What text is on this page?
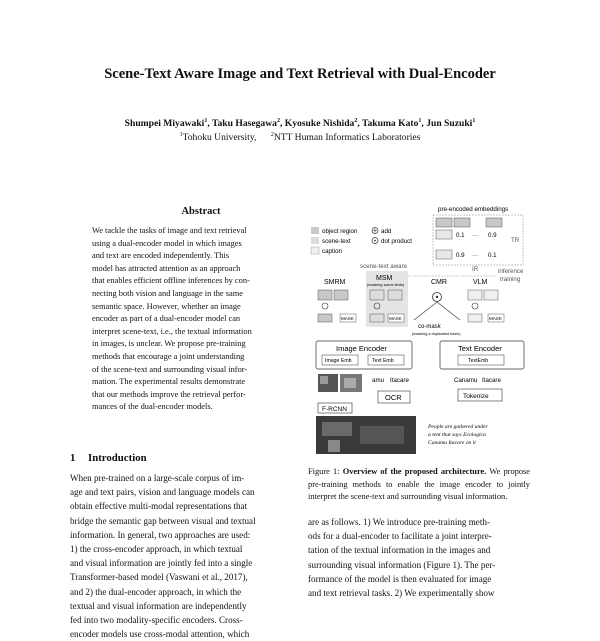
Scene-Text Aware Image and Text Retrieval with Dual-Encoder
Shumpei Miyawaki$^1$, Taku Hasegawa$^2$, Kyosuke Nishida$^2$, Takuma Kato$^1$, Jun Suzuki$^1$
$^1$Tohoku University, $^2$NTT Human Informatics Laboratories
Abstract
We tackle the tasks of image and text retrieval
using a dual-encoder model in which images
and text are encoded independently. This
model has attracted attention as an approach
that enables efficient offline inferences by con-
necting both vision and language in the same
semantic space. However, whether an image
encoder as part of a dual-encoder model can
interpret scene-text, i.e., the textual information
in images, is unclear. We propose pre-training
methods that encourage a joint understanding
of the scene-text and surrounding visual infor-
mation. The experimental results demonstrate
that our methods improve the retrieval perfor-
mances of the dual-encoder models.
1 Introduction
When pre-trained on a large-scale corpus of im-
age and text pairs, vision and language models can
obtain effective multi-modal representations that
bridge the semantic gap between visual and textual
information. In general, two approaches are used:
1) the cross-encoder approach, in which textual
and visual information are jointly fed into a single
Transformer-based model (Vaswani et al., 2017),
and 2) the dual-encoder approach, in which the
textual and visual information are independently
fed into two modality-specific encoders. Cross-
encoder models use cross-modal attention, which
pre-encoded embeddings
object region
scene-text
caption
add
dot product
0.1	0.9
0.9	0.1
···
···
TR
IR	inference
training
scene-text aware
MSM
(masking scene-texts)
SMRM	CMR	VLM
MASK	MASK	MASK
co-mask
(masking a duplicated token)
Image Encoder
Image Emb	Text Emb
Text Encoder
TextEmb
amu Itacare	Canamu Itacare
F-RCNN
OCR	Tokenize
People are gathered under
a tent that says Ecologica
Canamu Itacare on it
Figure 1: Overview of the proposed architecture. We propose pre-training methods to enable the image encoder to jointly interpret the scene-text and surrounding visual information.
are as follows. 1) We introduce pre-training meth-
ods for a dual-encoder to facilitate a joint interpre-
tation of the textual information in the images and
surrounding visual information (Figure 1). The per-
formance of the model is then evaluated for image
and text retrieval tasks. 2) We experimentally show
